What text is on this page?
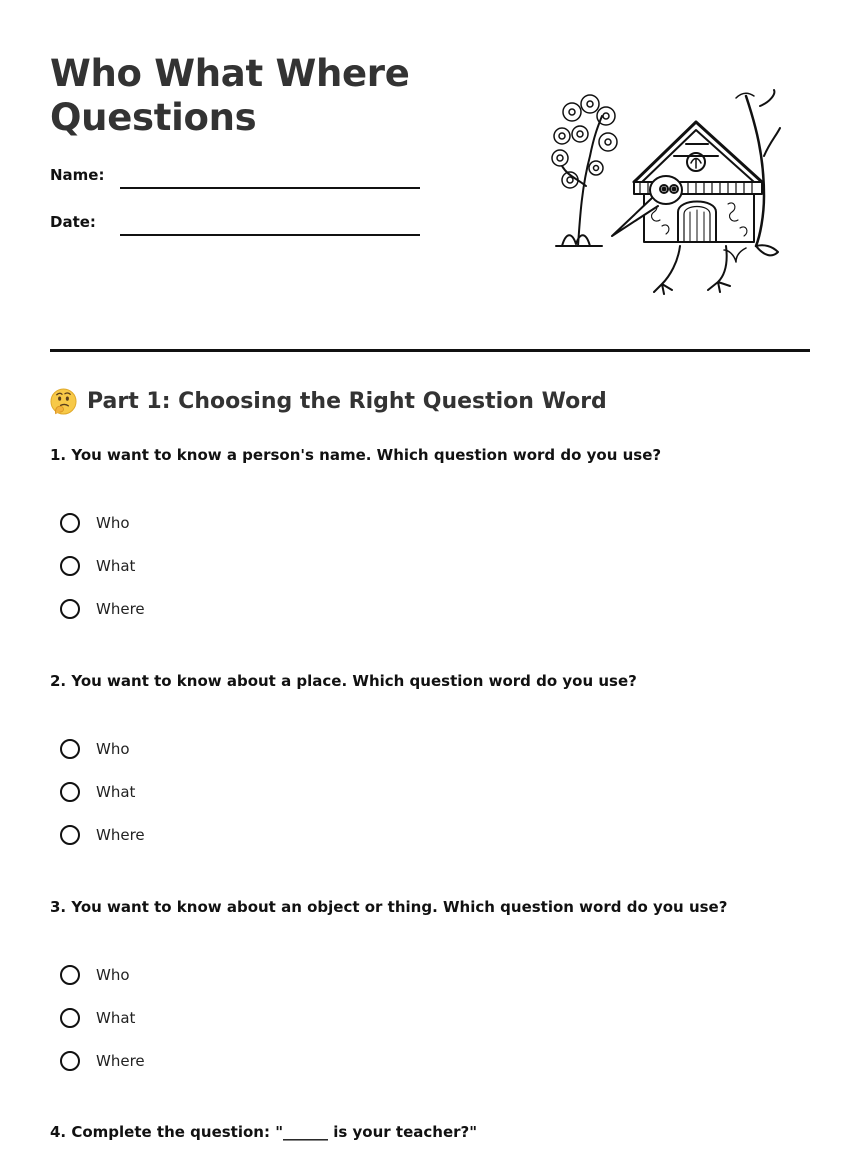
Who What Where
Questions
Name:
Date:
Part 1: Choosing the Right Question Word
1. You want to know a person's name. Which question word do you use?
Who
What
Where
2. You want to know about a place. Which question word do you use?
Who
What
Where
3. You want to know about an object or thing. Which question word do you use?
Who
What
Where
4. Complete the question: "______ is your teacher?"
